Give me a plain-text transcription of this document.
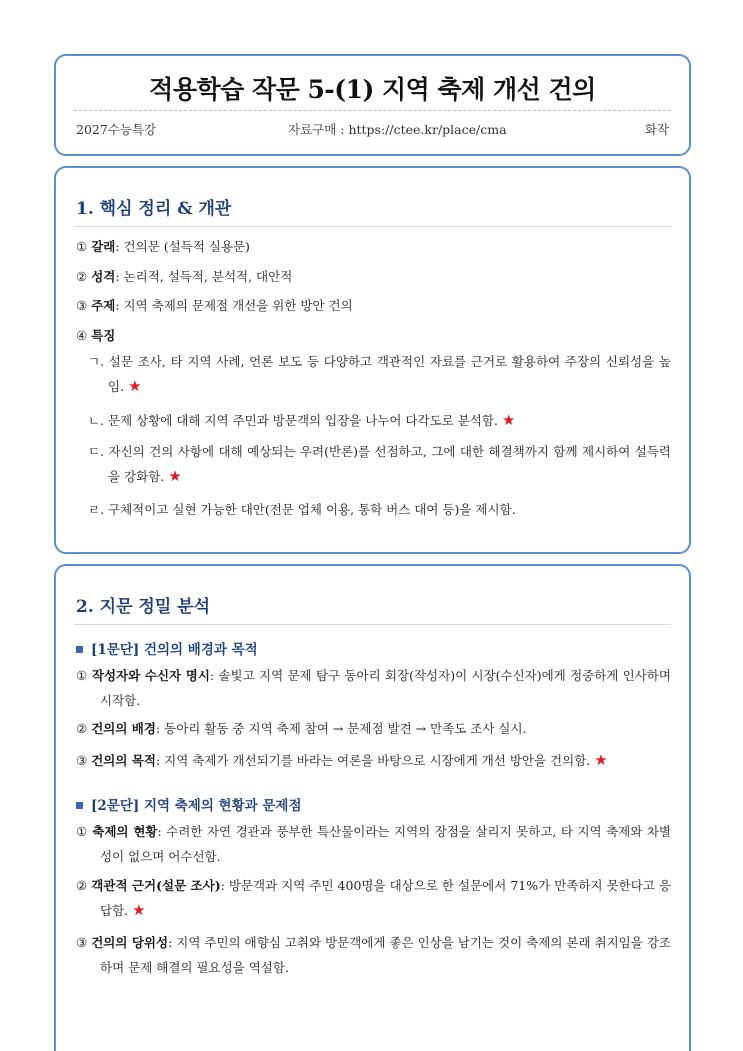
적용학습 작문 5-(1) 지역 축제 개선 건의
2027수능특강	자료구매 : https://ctee.kr/place/cma	화작
1. 핵심 정리 & 개관
① 갈래: 건의문 (설득적 실용문)
② 성격: 논리적, 설득적, 분석적, 대안적
③ 주제: 지역 축제의 문제점 개선을 위한 방안 건의
④ 특징
ㄱ. 설문 조사, 타 지역 사례, 언론 보도 등 다양하고 객관적인 자료를 근거로 활용하여 주장의 신뢰성을 높임. ★
ㄴ. 문제 상황에 대해 지역 주민과 방문객의 입장을 나누어 다각도로 분석함. ★
ㄷ. 자신의 건의 사항에 대해 예상되는 우려(반론)를 선점하고, 그에 대한 해결책까지 함께 제시하여 설득력을 강화함. ★
ㄹ. 구체적이고 실현 가능한 대안(전문 업체 이용, 통학 버스 대여 등)을 제시함.
2. 지문 정밀 분석
[1문단] 건의의 배경과 목적
① 작성자와 수신자 명시: 솔빛고 지역 문제 탐구 동아리 회장(작성자)이 시장(수신자)에게 정중하게 인사하며 시작함.
② 건의의 배경: 동아리 활동 중 지역 축제 참여 → 문제점 발견 → 만족도 조사 실시.
③ 건의의 목적: 지역 축제가 개선되기를 바라는 여론을 바탕으로 시장에게 개선 방안을 건의함. ★
[2문단] 지역 축제의 현황과 문제점
① 축제의 현황: 수려한 자연 경관과 풍부한 특산물이라는 지역의 장점을 살리지 못하고, 타 지역 축제와 차별성이 없으며 어수선함.
② 객관적 근거(설문 조사): 방문객과 지역 주민 400명을 대상으로 한 설문에서 71%가 만족하지 못한다고 응답함. ★
③ 건의의 당위성: 지역 주민의 애향심 고취와 방문객에게 좋은 인상을 남기는 것이 축제의 본래 취지임을 강조하며 문제 해결의 필요성을 역설함.
